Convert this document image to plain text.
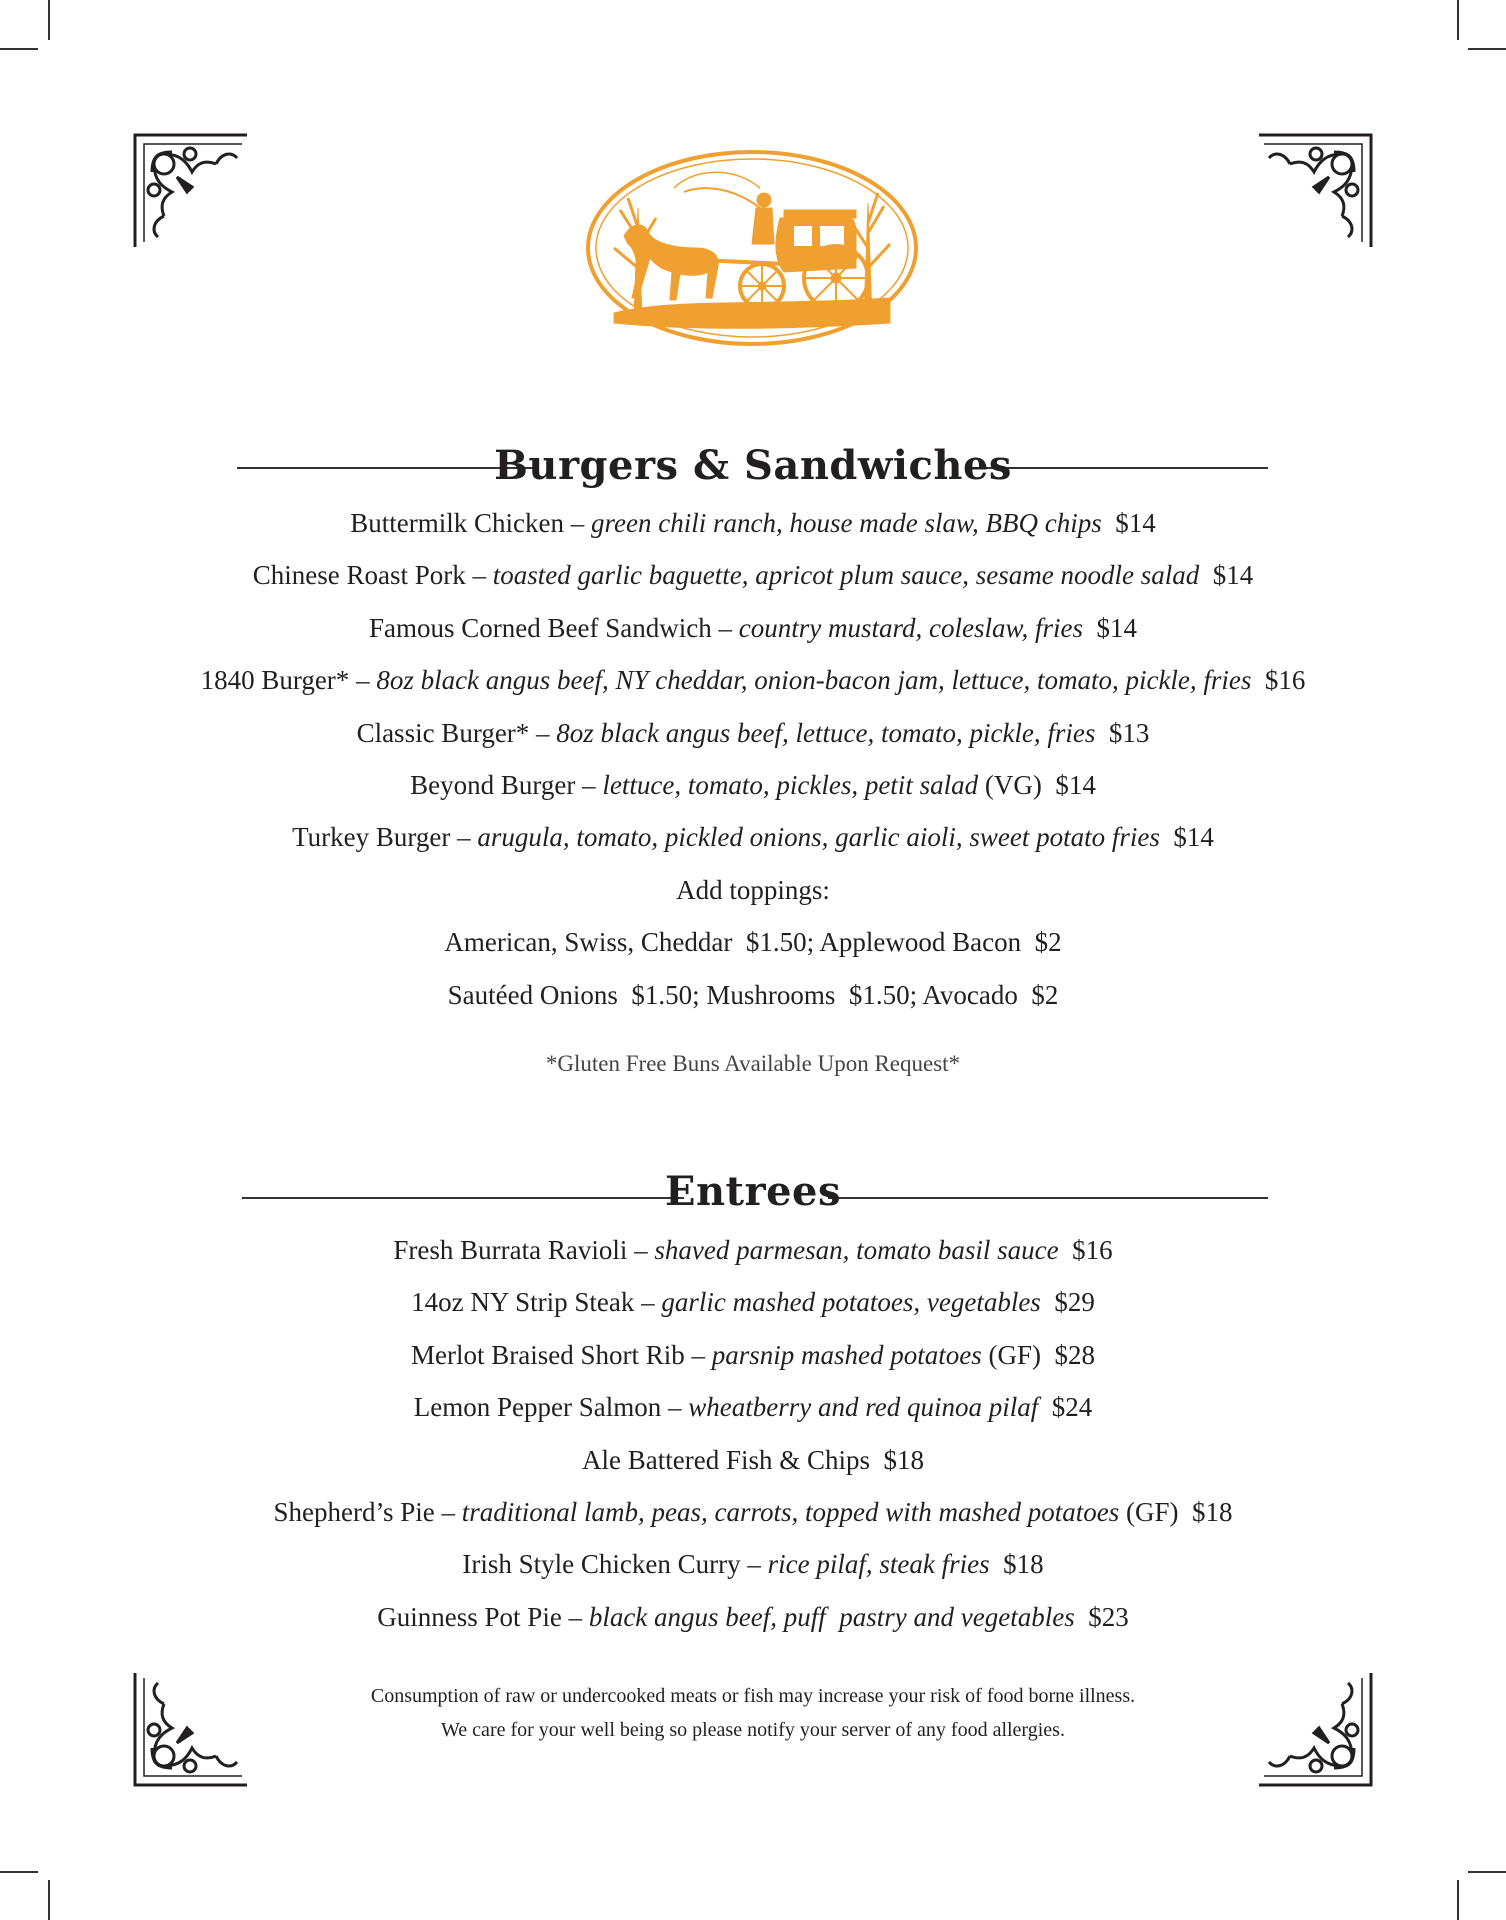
Burgers & Sandwiches
Buttermilk Chicken – green chili ranch, house made slaw, BBQ chips $14
Chinese Roast Pork – toasted garlic baguette, apricot plum sauce, sesame noodle salad $14
Famous Corned Beef Sandwich – country mustard, coleslaw, fries $14
1840 Burger* – 8oz black angus beef, NY cheddar, onion-bacon jam, lettuce, tomato, pickle, fries $16
Classic Burger* – 8oz black angus beef, lettuce, tomato, pickle, fries $13
Beyond Burger – lettuce, tomato, pickles, petit salad (VG) $14
Turkey Burger – arugula, tomato, pickled onions, garlic aioli, sweet potato fries $14
Add toppings:
American, Swiss, Cheddar  $1.50; Applewood Bacon  $2
Sautéed Onions  $1.50; Mushrooms  $1.50; Avocado  $2
*Gluten Free Buns Available Upon Request*
Entrees
Fresh Burrata Ravioli – shaved parmesan, tomato basil sauce $16
14oz NY Strip Steak – garlic mashed potatoes, vegetables $29
Merlot Braised Short Rib – parsnip mashed potatoes (GF) $28
Lemon Pepper Salmon – wheatberry and red quinoa pilaf $24
Ale Battered Fish & Chips $18
Shepherd’s Pie – traditional lamb, peas, carrots, topped with mashed potatoes (GF) $18
Irish Style Chicken Curry – rice pilaf, steak fries $18
Guinness Pot Pie – black angus beef, puff  pastry and vegetables $23
Consumption of raw or undercooked meats or fish may increase your risk of food borne illness.
We care for your well being so please notify your server of any food allergies.
